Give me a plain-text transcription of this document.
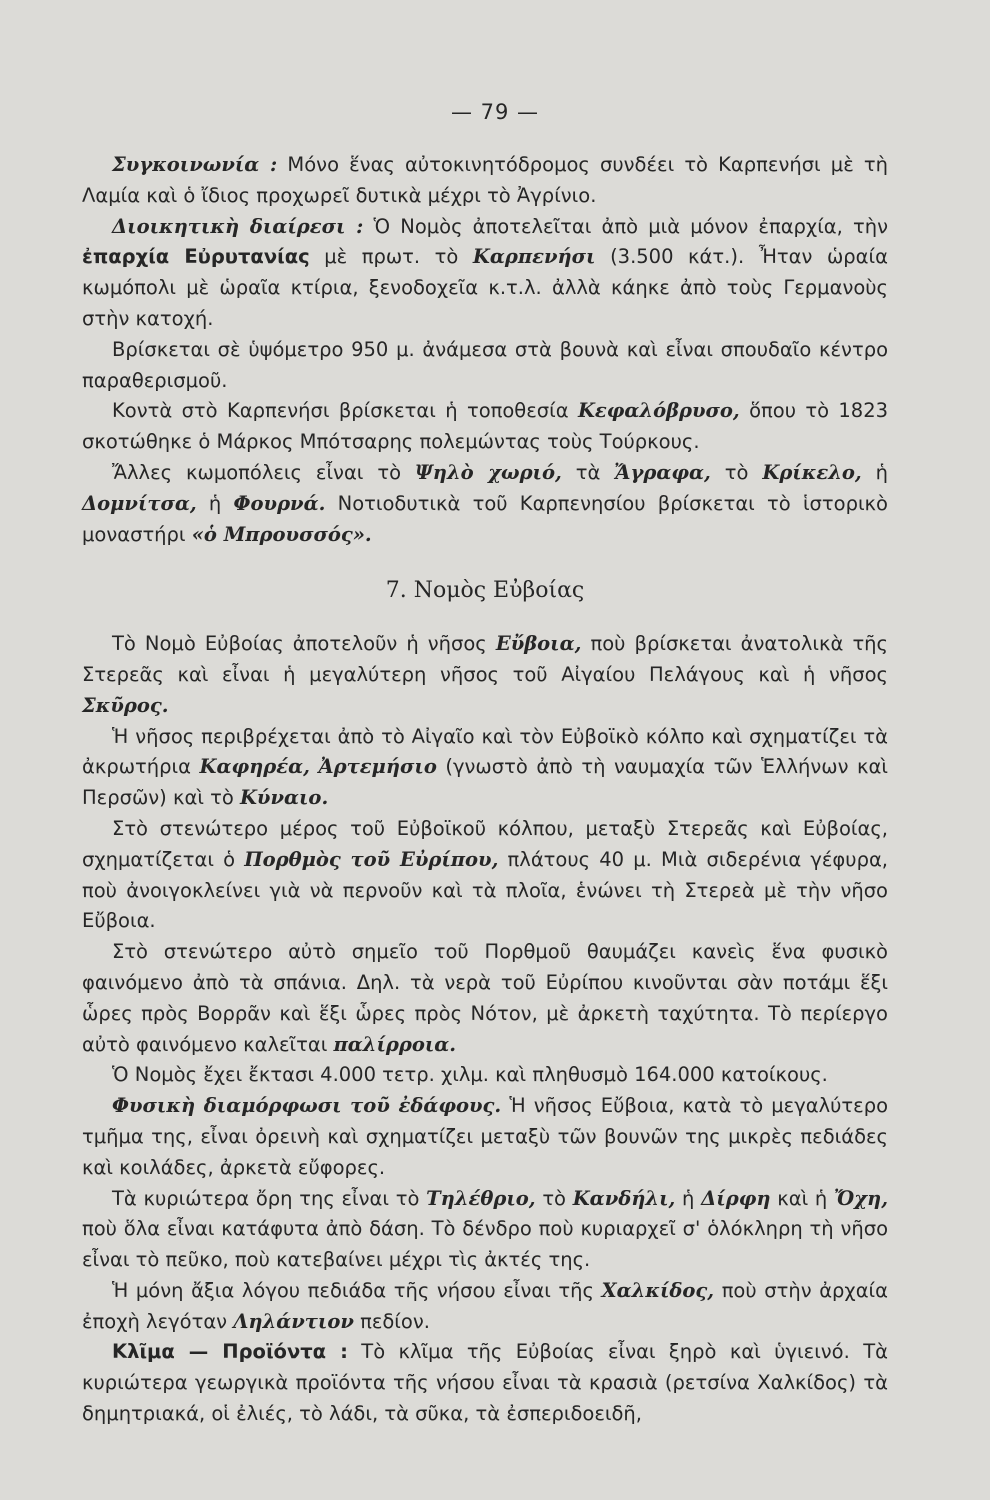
— 79 —

Συγκοινωνία : Μόνο ἕνας αὐτοκινητόδρομος συνδέει τὸ Καρπενήσι μὲ τὴ Λαμία καὶ ὁ ἴδιος προχωρεῖ δυτικὰ μέχρι τὸ Ἀγρίνιο.

Διοικητικὴ διαίρεσι : Ὁ Νομὸς ἀποτελεῖται ἀπὸ μιὰ μόνον ἐπαρχία, τὴν ἐπαρχία Εὐρυτανίας μὲ πρωτ. τὸ Καρπενήσι (3.500 κάτ.). Ἦταν ὡραία κωμόπολι μὲ ὡραῖα κτίρια, ξενοδοχεῖα κ.τ.λ. ἀλλὰ κάηκε ἀπὸ τοὺς Γερμανοὺς στὴν κατοχή.

Βρίσκεται σὲ ὑψόμετρο 950 μ. ἀνάμεσα στὰ βουνὰ καὶ εἶναι σπουδαῖο κέντρο παραθερισμοῦ.

Κοντὰ στὸ Καρπενήσι βρίσκεται ἡ τοποθεσία Κεφαλόβρυσο, ὅπου τὸ 1823 σκοτώθηκε ὁ Μάρκος Μπότσαρης πολεμώντας τοὺς Τούρκους.

Ἄλλες κωμοπόλεις εἶναι τὸ Ψηλὸ χωριό, τὰ Ἄγραφα, τὸ Κρίκελο, ἡ Δομνίτσα, ἡ Φουρνά. Νοτιοδυτικὰ τοῦ Καρπενησίου βρίσκεται τὸ ἱστορικὸ μοναστήρι «ὁ Μπρουσσός».

7. Νομὸς Εὐβοίας

Τὸ Νομὸ Εὐβοίας ἀποτελοῦν ἡ νῆσος Εὔβοια, ποὺ βρίσκεται ἀνατολικὰ τῆς Στερεᾶς καὶ εἶναι ἡ μεγαλύτερη νῆσος τοῦ Αἰγαίου Πελάγους καὶ ἡ νῆσος Σκῦρος.

Ἡ νῆσος περιβρέχεται ἀπὸ τὸ Αἰγαῖο καὶ τὸν Εὐβοϊκὸ κόλπο καὶ σχηματίζει τὰ ἀκρωτήρια Καφηρέα, Ἀρτεμήσιο (γνωστὸ ἀπὸ τὴ ναυμαχία τῶν Ἑλλήνων καὶ Περσῶν) καὶ τὸ Κύναιο.

Στὸ στενώτερο μέρος τοῦ Εὐβοϊκοῦ κόλπου, μεταξὺ Στερεᾶς καὶ Εὐβοίας, σχηματίζεται ὁ Πορθμὸς τοῦ Εὐρίπου, πλάτους 40 μ. Μιὰ σιδερένια γέφυρα, ποὺ ἀνοιγοκλείνει γιὰ νὰ περνοῦν καὶ τὰ πλοῖα, ἑνώνει τὴ Στερεὰ μὲ τὴν νῆσο Εὔβοια.

Στὸ στενώτερο αὐτὸ σημεῖο τοῦ Πορθμοῦ θαυμάζει κανεὶς ἕνα φυσικὸ φαινόμενο ἀπὸ τὰ σπάνια. Δηλ. τὰ νερὰ τοῦ Εὐρίπου κινοῦνται σὰν ποτάμι ἕξι ὧρες πρὸς Βορρᾶν καὶ ἕξι ὧρες πρὸς Νότον, μὲ ἀρκετὴ ταχύτητα. Τὸ περίεργο αὐτὸ φαινόμενο καλεῖται παλίρροια.

Ὁ Νομὸς ἔχει ἔκτασι 4.000 τετρ. χιλμ. καὶ πληθυσμὸ 164.000 κατοίκους.

Φυσικὴ διαμόρφωσι τοῦ ἐδάφους. Ἡ νῆσος Εὔβοια, κατὰ τὸ μεγαλύτερο τμῆμα της, εἶναι ὀρεινὴ καὶ σχηματίζει μεταξὺ τῶν βουνῶν της μικρὲς πεδιάδες καὶ κοιλάδες, ἀρκετὰ εὔφορες.

Τὰ κυριώτερα ὄρη της εἶναι τὸ Τηλέθριο, τὸ Κανδήλι, ἡ Δίρφη καὶ ἡ Ὄχη, ποὺ ὅλα εἶναι κατάφυτα ἀπὸ δάση. Τὸ δένδρο ποὺ κυριαρχεῖ σ' ὁλόκληρη τὴ νῆσο εἶναι τὸ πεῦκο, ποὺ κατεβαίνει μέχρι τὶς ἀκτές της.

Ἡ μόνη ἄξια λόγου πεδιάδα τῆς νήσου εἶναι τῆς Χαλκίδος, ποὺ στὴν ἀρχαία ἐποχὴ λεγόταν Ληλάντιον πεδίον.

Κλῖμα — Προϊόντα : Τὸ κλῖμα τῆς Εὐβοίας εἶναι ξηρὸ καὶ ὑγιεινό. Τὰ κυριώτερα γεωργικὰ προϊόντα τῆς νήσου εἶναι τὰ κρασιὰ (ρετσίνα Χαλκίδος) τὰ δημητριακά, οἱ ἐλιές, τὸ λάδι, τὰ σῦκα, τὰ ἐσπεριδοειδῆ,
